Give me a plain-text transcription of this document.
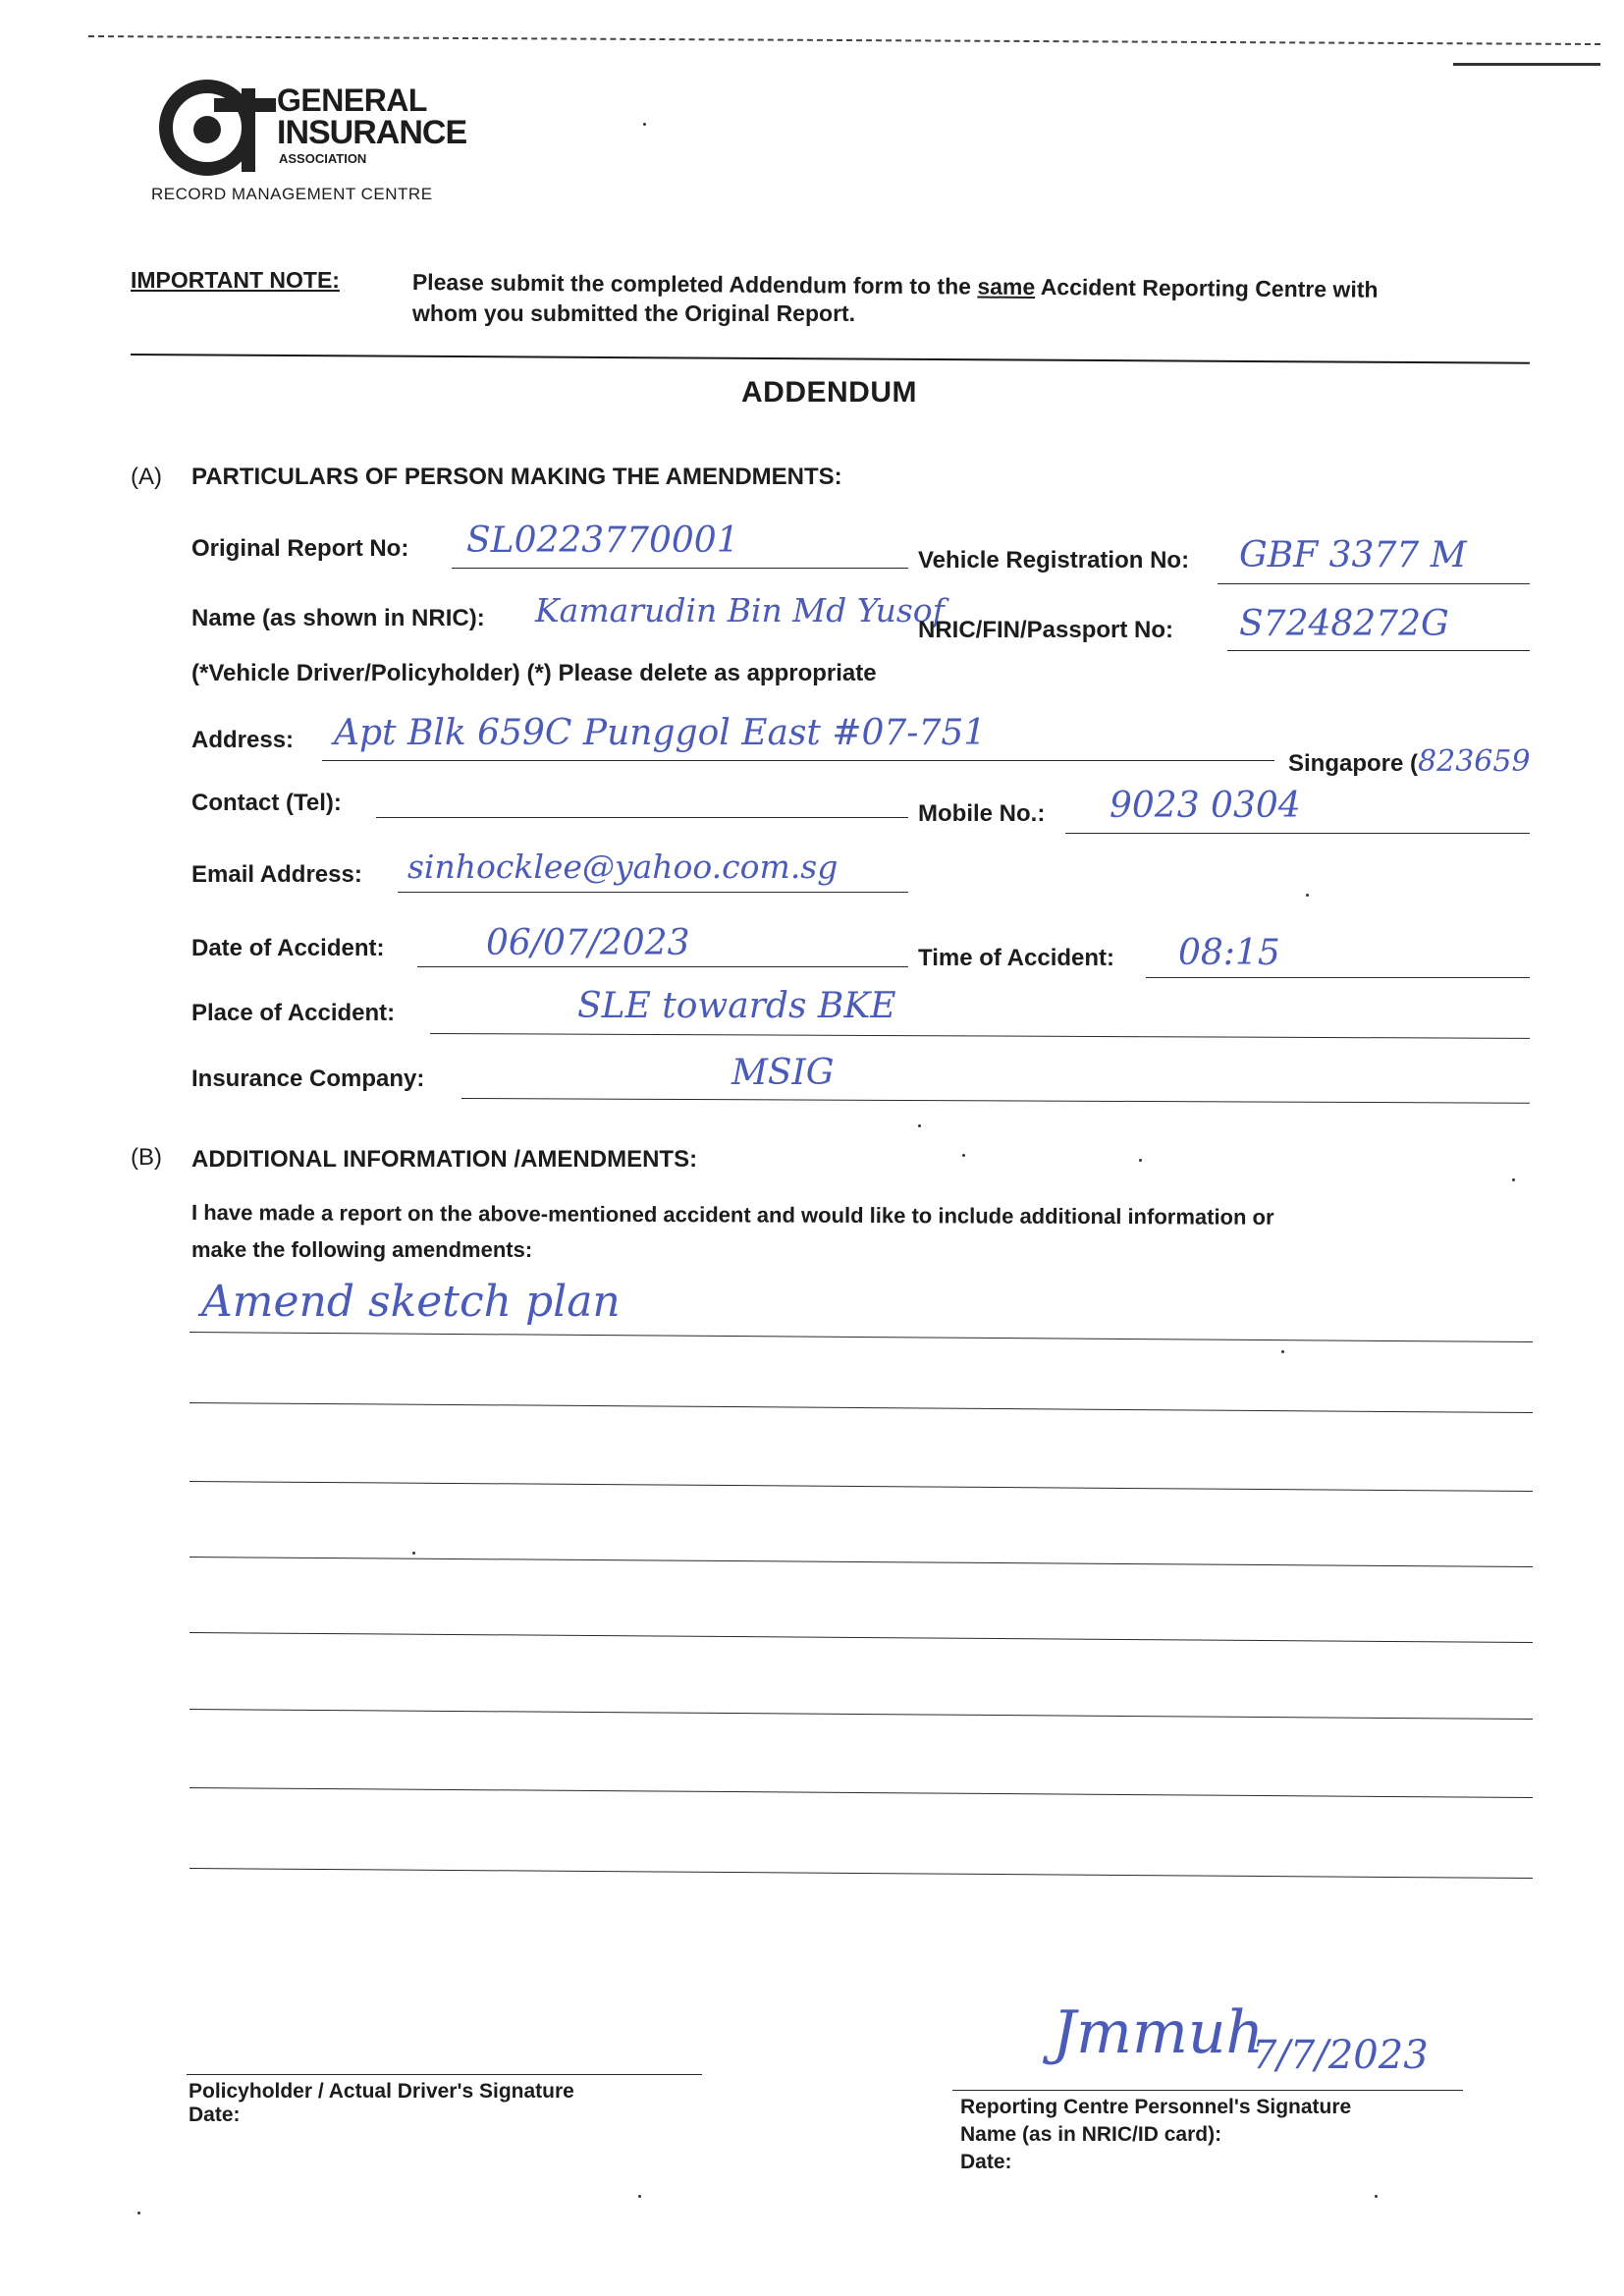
GENERAL
INSURANCE
ASSOCIATION
RECORD MANAGEMENT CENTRE
IMPORTANT NOTE:	Please submit the completed Addendum form to the same Accident Reporting Centre with
whom you submitted the Original Report.
ADDENDUM
(A) PARTICULARS OF PERSON MAKING THE AMENDMENTS:
Original Report No: SL0223770001	Vehicle Registration No: GBF 3377 M
Name (as shown in NRIC): Kamarudin Bin Md Yusof
NRIC/FIN/Passport No: S7248272G
(*Vehicle Driver/Policyholder) (*) Please delete as appropriate
Address: Apt Blk 659C Punggol East #07-751
Singapore (823659
Contact (Tel):	Mobile No.: 9023 0304
Email Address: sinhocklee@yahoo.com.sg
Date of Accident:	06/07/2023	Time of Accident: 08:15
Place of Accident:	SLE towards BKE
Insurance Company:	MSIG
(B) ADDITIONAL INFORMATION /AMENDMENTS:
I have made a report on the above-mentioned accident and would like to include additional information or
make the following amendments:
Amend sketch plan
Policyholder / Actual Driver's Signature
Date:
Jmmuh
7/7/2023
Reporting Centre Personnel's Signature
Name (as in NRIC/ID card):
Date:
